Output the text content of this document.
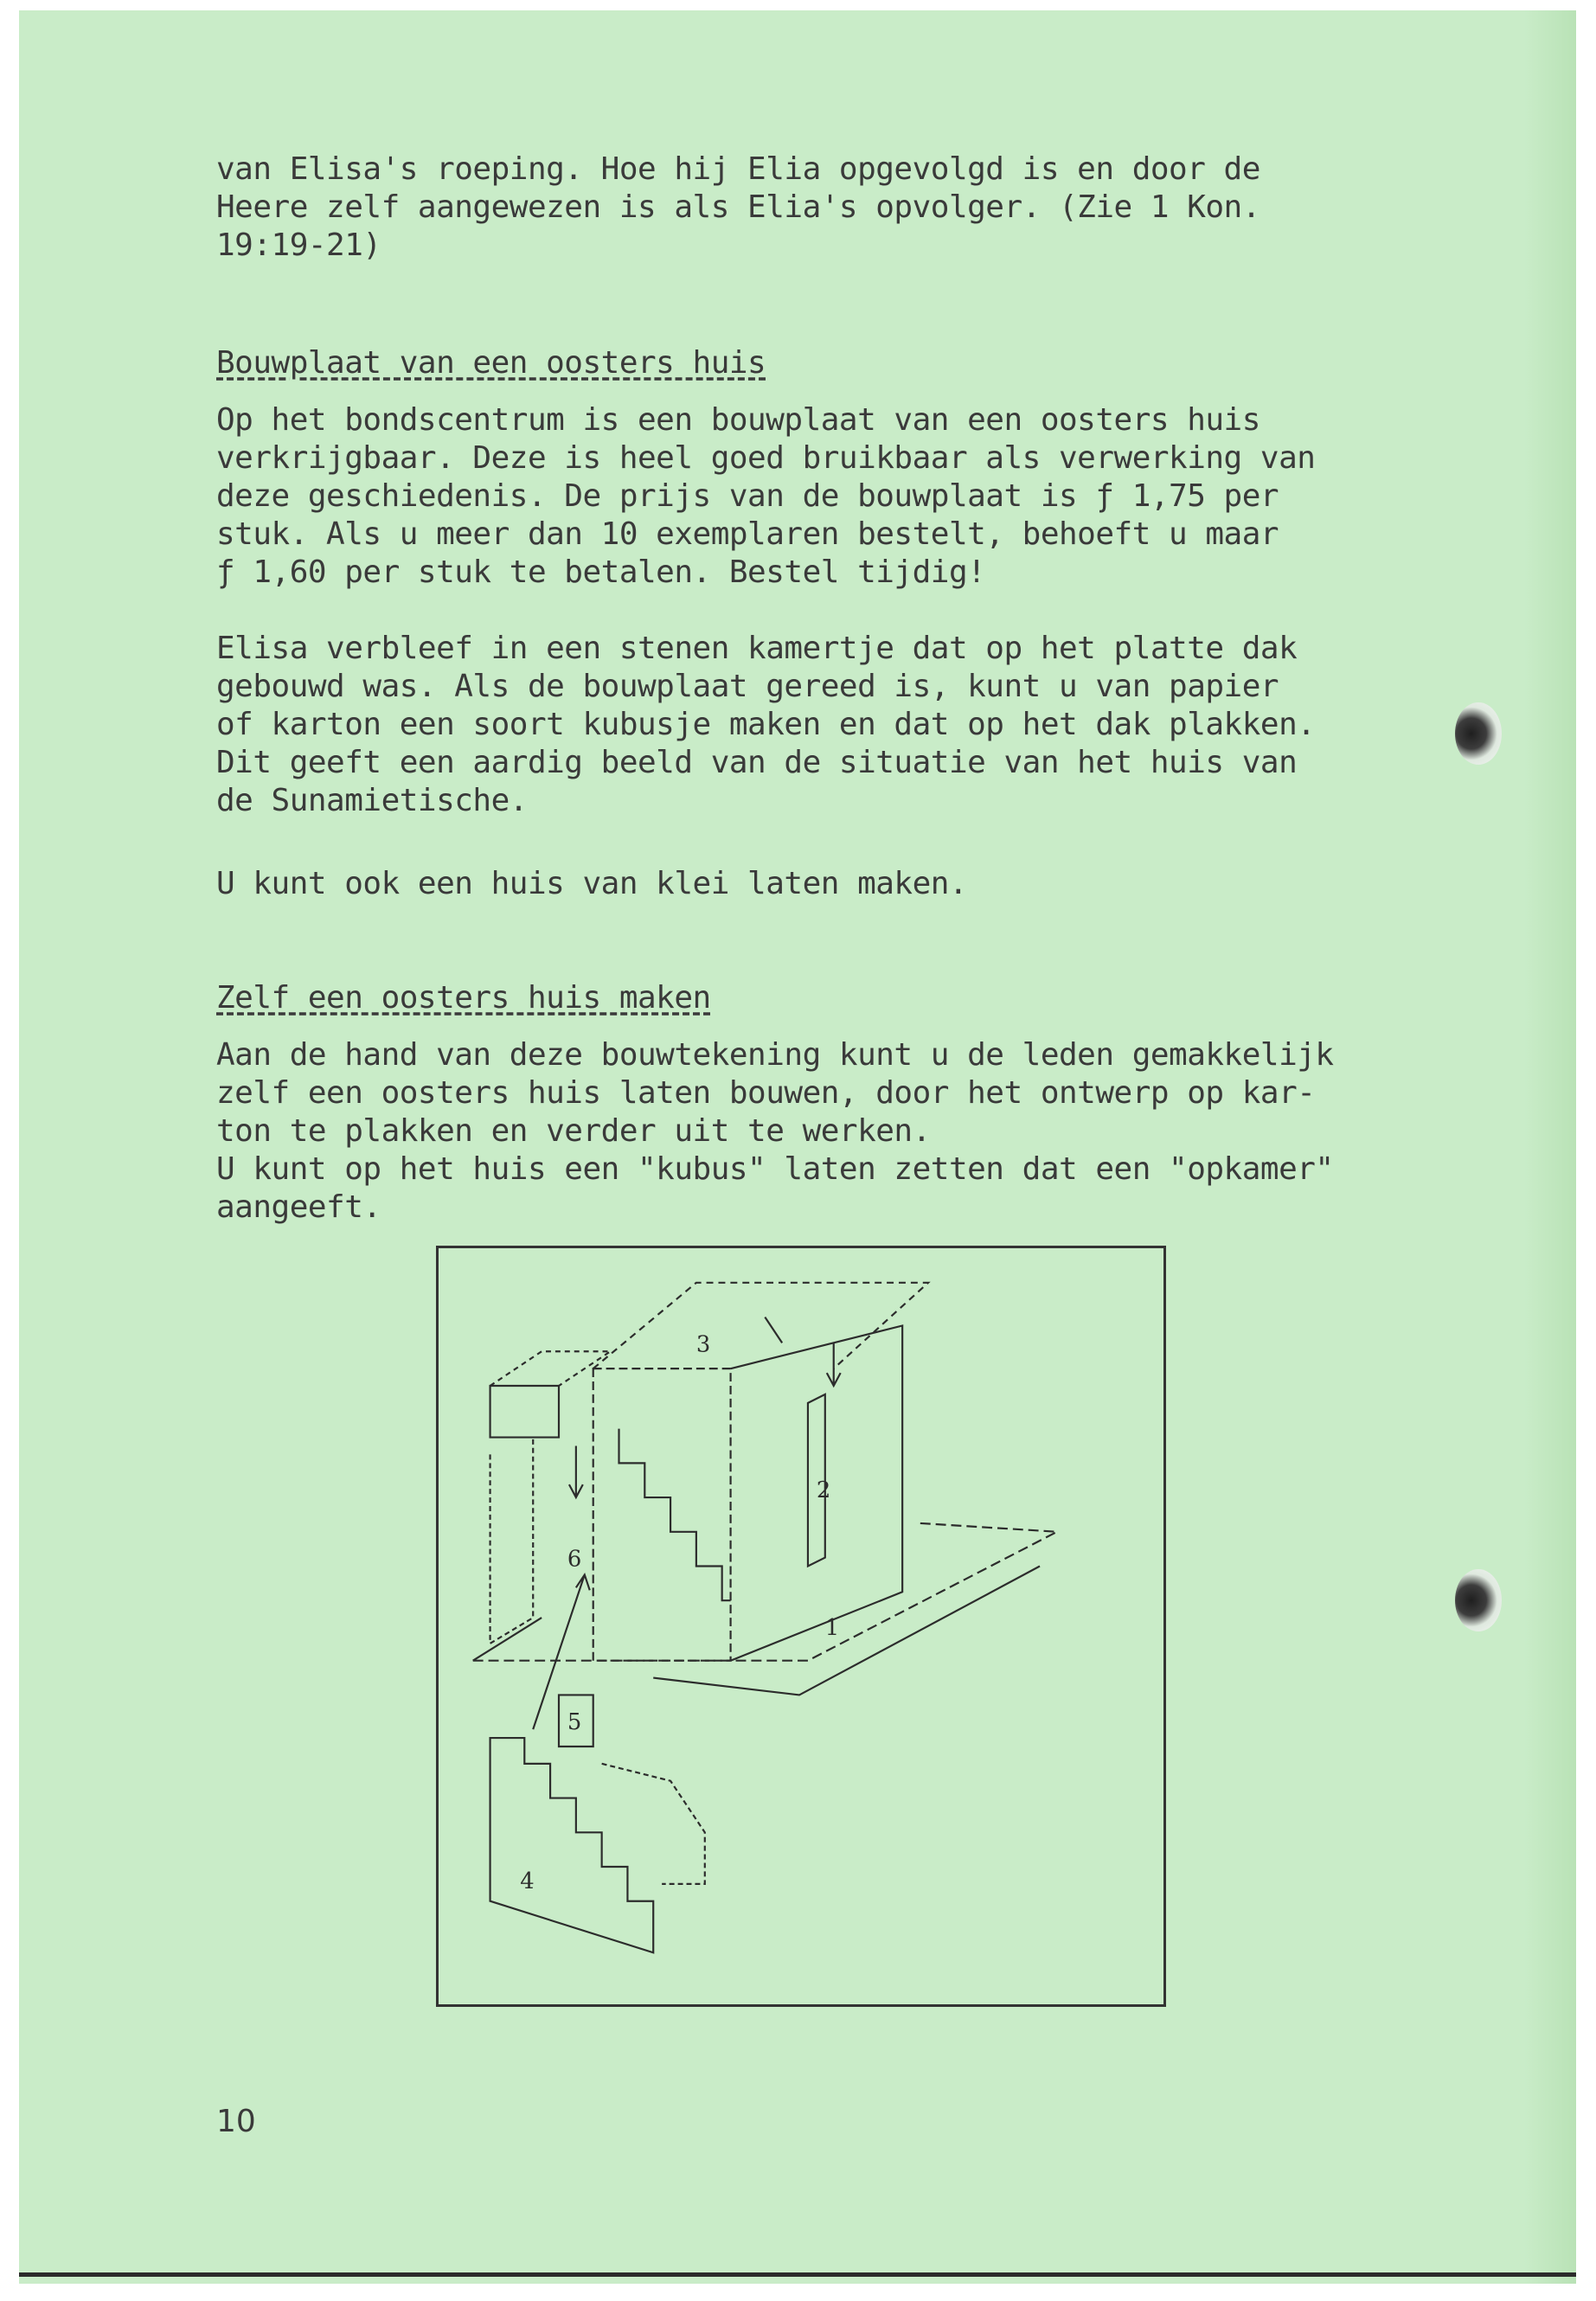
van Elisa's roeping. Hoe hij Elia opgevolgd is en door de
Heere zelf aangewezen is als Elia's opvolger. (Zie 1 Kon.
19:19-21)

Bouwplaat van een oosters huis

Op het bondscentrum is een bouwplaat van een oosters huis
verkrijgbaar. Deze is heel goed bruikbaar als verwerking van
deze geschiedenis. De prijs van de bouwplaat is ƒ 1,75 per
stuk. Als u meer dan 10 exemplaren bestelt, behoeft u maar
ƒ 1,60 per stuk te betalen. Bestel tijdig!

Elisa verbleef in een stenen kamertje dat op het platte dak
gebouwd was. Als de bouwplaat gereed is, kunt u van papier
of karton een soort kubusje maken en dat op het dak plakken.
Dit geeft een aardig beeld van de situatie van het huis van
de Sunamietische.

U kunt ook een huis van klei laten maken.

Zelf een oosters huis maken

Aan de hand van deze bouwtekening kunt u de leden gemakkelijk
zelf een oosters huis laten bouwen, door het ontwerp op kar-
ton te plakken en verder uit te werken.
U kunt op het huis een "kubus" laten zetten dat een "opkamer"
aangeeft.

3
2
1
6
5
4
10
